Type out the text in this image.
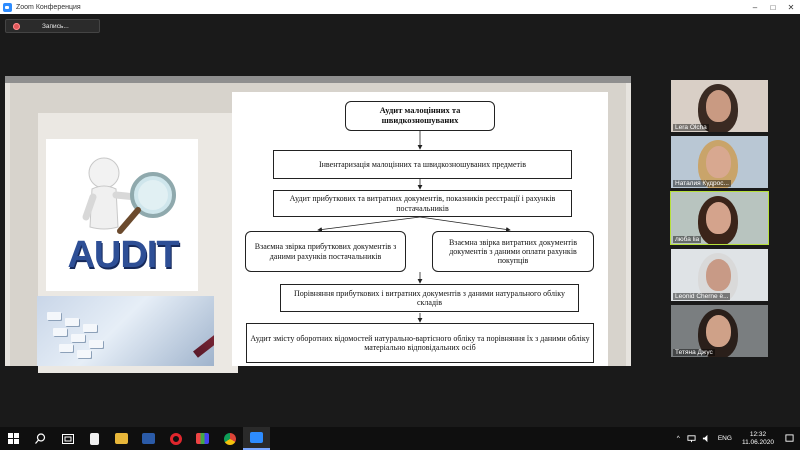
Zoom Конференция	–	□	✕
Запись...
AUDIT
Аудит малоцінних та швидкозношуваних
Інвентаризація малоцінних та швидкозношуваних предметів
Аудит прибуткових та витратних документів, показників реєстрації і рахунків постачальників
Взаємна звірка прибуткових документів з даними рахунків постачальників
Взаємна звірка витратних документів документів з даними оплати рахунків покупців
Порівняння прибуткових і витратних документів з даними натурального обліку складів
Аудит змісту оборотних відомостей натурально-вартісного обліку та порівняння їх з даними обліку матеріально відповідальних осіб
Lera Olcha
Наталия Кудрос...
люба lia
Leonid Cherne ë...
Тетяна Джус
^	ENG
12:32
11.06.2020
